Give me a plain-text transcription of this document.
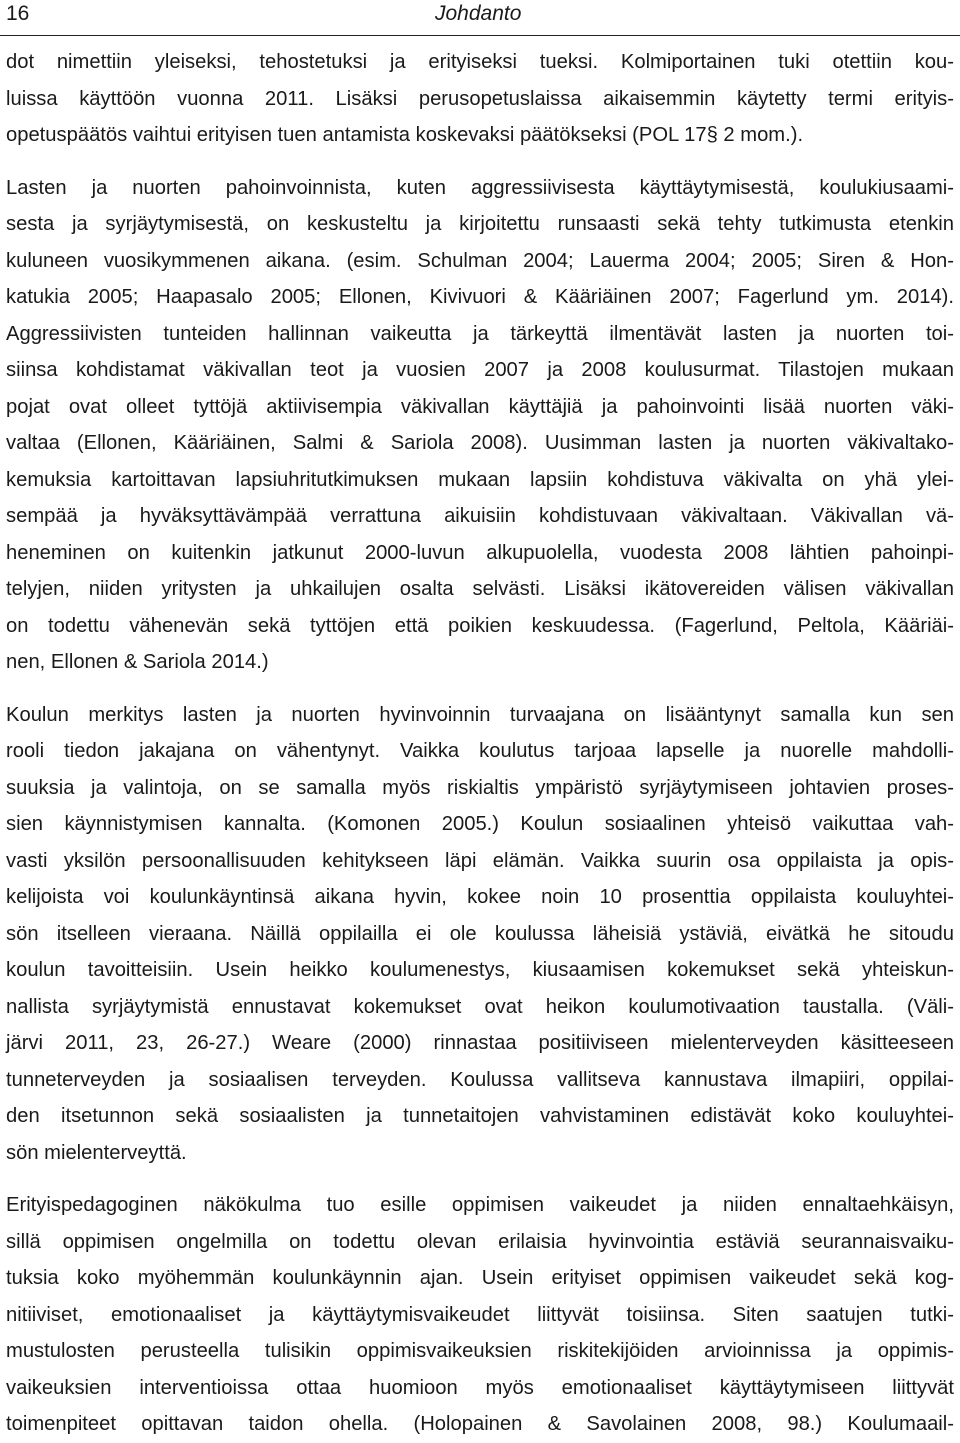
16	Johdanto

dot nimettiin yleiseksi, tehostetuksi ja erityiseksi tueksi. Kolmiportainen tuki otettiin kou-
luissa käyttöön vuonna 2011. Lisäksi perusopetuslaissa aikaisemmin käytetty termi erityis-
opetuspäätös vaihtui erityisen tuen antamista koskevaksi päätökseksi (POL 17§ 2 mom.).

Lasten ja nuorten pahoinvoinnista, kuten aggressiivisesta käyttäytymisestä, koulukiusaami-
sesta ja syrjäytymisestä, on keskusteltu ja kirjoitettu runsaasti sekä tehty tutkimusta etenkin
kuluneen vuosikymmenen aikana. (esim. Schulman 2004; Lauerma 2004; 2005; Siren & Hon-
katukia 2005; Haapasalo 2005; Ellonen, Kivivuori & Kääriäinen 2007; Fagerlund ym. 2014).
Aggressiivisten tunteiden hallinnan vaikeutta ja tärkeyttä ilmentävät lasten ja nuorten toi-
siinsa kohdistamat väkivallan teot ja vuosien 2007 ja 2008 koulusurmat. Tilastojen mukaan
pojat ovat olleet tyttöjä aktiivisempia väkivallan käyttäjiä ja pahoinvointi lisää nuorten väki-
valtaa (Ellonen, Kääriäinen, Salmi & Sariola 2008). Uusimman lasten ja nuorten väkivaltako-
kemuksia kartoittavan lapsiuhritutkimuksen mukaan lapsiin kohdistuva väkivalta on yhä ylei-
sempää ja hyväksyttävämpää verrattuna aikuisiin kohdistuvaan väkivaltaan. Väkivallan vä-
heneminen on kuitenkin jatkunut 2000-luvun alkupuolella, vuodesta 2008 lähtien pahoinpi-
telyjen, niiden yritysten ja uhkailujen osalta selvästi. Lisäksi ikätovereiden välisen väkivallan
on todettu vähenevän sekä tyttöjen että poikien keskuudessa. (Fagerlund, Peltola, Kääriäi-
nen, Ellonen & Sariola 2014.)

Koulun merkitys lasten ja nuorten hyvinvoinnin turvaajana on lisääntynyt samalla kun sen
rooli tiedon jakajana on vähentynyt. Vaikka koulutus tarjoaa lapselle ja nuorelle mahdolli-
suuksia ja valintoja, on se samalla myös riskialtis ympäristö syrjäytymiseen johtavien proses-
sien käynnistymisen kannalta. (Komonen 2005.) Koulun sosiaalinen yhteisö vaikuttaa vah-
vasti yksilön persoonallisuuden kehitykseen läpi elämän. Vaikka suurin osa oppilaista ja opis-
kelijoista voi koulunkäyntinsä aikana hyvin, kokee noin 10 prosenttia oppilaista kouluyhtei-
sön itselleen vieraana. Näillä oppilailla ei ole koulussa läheisiä ystäviä, eivätkä he sitoudu
koulun tavoitteisiin. Usein heikko koulumenestys, kiusaamisen kokemukset sekä yhteiskun-
nallista syrjäytymistä ennustavat kokemukset ovat heikon koulumotivaation taustalla. (Väli-
järvi 2011, 23, 26-27.) Weare (2000) rinnastaa positiiviseen mielenterveyden käsitteeseen
tunneterveyden ja sosiaalisen terveyden. Koulussa vallitseva kannustava ilmapiiri, oppilai-
den itsetunnon sekä sosiaalisten ja tunnetaitojen vahvistaminen edistävät koko kouluyhtei-
sön mielenterveyttä.

Erityispedagoginen näkökulma tuo esille oppimisen vaikeudet ja niiden ennaltaehkäisyn,
sillä oppimisen ongelmilla on todettu olevan erilaisia hyvinvointia estäviä seurannaisvaiku-
tuksia koko myöhemmän koulunkäynnin ajan. Usein erityiset oppimisen vaikeudet sekä kog-
nitiiviset, emotionaaliset ja käyttäytymisvaikeudet liittyvät toisiinsa. Siten saatujen tutki-
mustulosten perusteella tulisikin oppimisvaikeuksien riskitekijöiden arvioinnissa ja oppimis-
vaikeuksien interventioissa ottaa huomioon myös emotionaaliset käyttäytymiseen liittyvät
toimenpiteet opittavan taidon ohella. (Holopainen & Savolainen 2008, 98.) Koulumaail-
